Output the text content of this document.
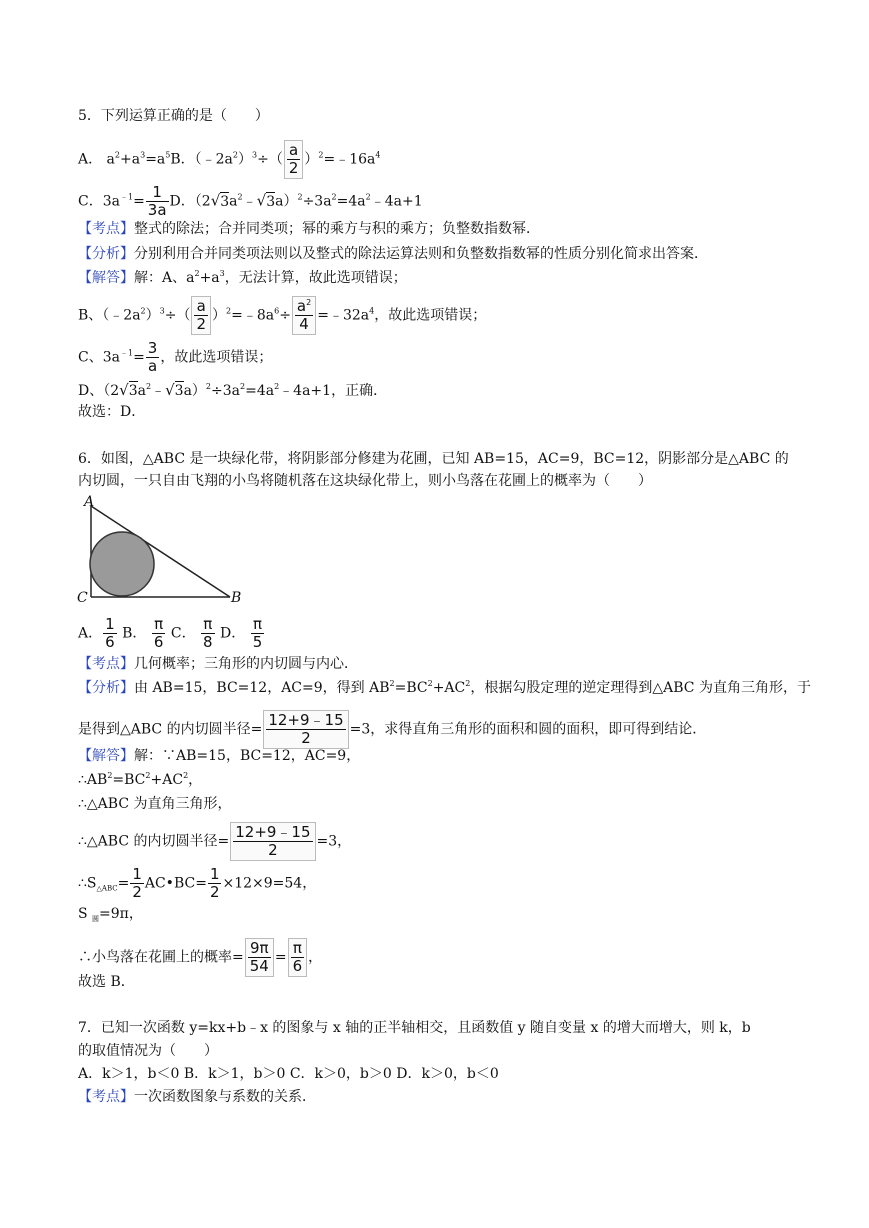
5．下列运算正确的是（　　）
A． $a^2+a^3=a^5B$．$(﹣2a^2)^3\div( \frac{a}{2}$ ）$^2=﹣16a^4$
C．$3a^{﹣1}= \frac{1}{3a}$ D．$(2√3a^2﹣√3a)^2\div 3a^2=4a^2﹣4a+1$
【考点】整式的除法；合并同类项；幂的乘方与积的乘方；负整数指数幂．
【分析】分别利用合并同类项法则以及整式的除法运算法则和负整数指数幂的性质分别化简求出答案．
【解答】解：A、$a^2+a^3$，无法计算，故此选项错误；
B、$(﹣2a^2)^3\div( \frac{a}{2}$ ）$^2=﹣8a^6\div \frac{a^2}{4}$ $=﹣32a^4$，故此选项错误；
C、$3a^{﹣1}= \frac{3}{a}$ ，故此选项错误；
D、$(2√3a^2﹣√3a)^2\div 3a^2=4a^2﹣4a+1$，正确．
故选：D．
6．如图，△ABC 是一块绿化带，将阴影部分修建为花圃，已知 AB=15，AC=9，BC=12，阴影部分是△ABC 的
内切圆，一只自由飞翔的小鸟将随机落在这块绿化带上，则小鸟落在花圃上的概率为（　　）
A
C	B
A． $\frac{1}{6}$ B． $\frac{\pi}{6}$ C． $\frac{\pi}{8}$ D． $\frac{\pi}{5}$
【考点】几何概率；三角形的内切圆与内心．
【分析】由 AB=15，BC=12，AC=9，得到 $AB^2=BC^2+AC^2$，根据勾股定理的逆定理得到△ABC 为直角三角形，于
是得到△ABC 的内切圆半径= $\frac{12+9﹣15}{2} =3$，求得直角三角形的面积和圆的面积，即可得到结论．
【解答】解：∵AB=15，BC=12，AC=9，
$\therefore AB^2=BC^2+AC^2$，
∴△ABC 为直角三角形，
∴△ABC 的内切圆半径= $\frac{12+9﹣15}{2} =3$，
$\therefore S_{\triangle ABC}= \frac{1}{2}$ AC•BC= $\frac{1}{2} \times 12\times 9=54$，
S $_圆$=9π，
∴小鸟落在花圃上的概率= $\frac{9\pi}{54} = \frac{\pi}{6}$ ，
故选 B．
7．已知一次函数 y=kx+b﹣x 的图象与 x 轴的正半轴相交，且函数值 y 随自变量 x 的增大而增大，则 k，b
的取值情况为（　　）
A．k＞1，b＜0 B．k＞1，b＞0 C．k＞0，b＞0 D．k＞0，b＜0
【考点】一次函数图象与系数的关系．
